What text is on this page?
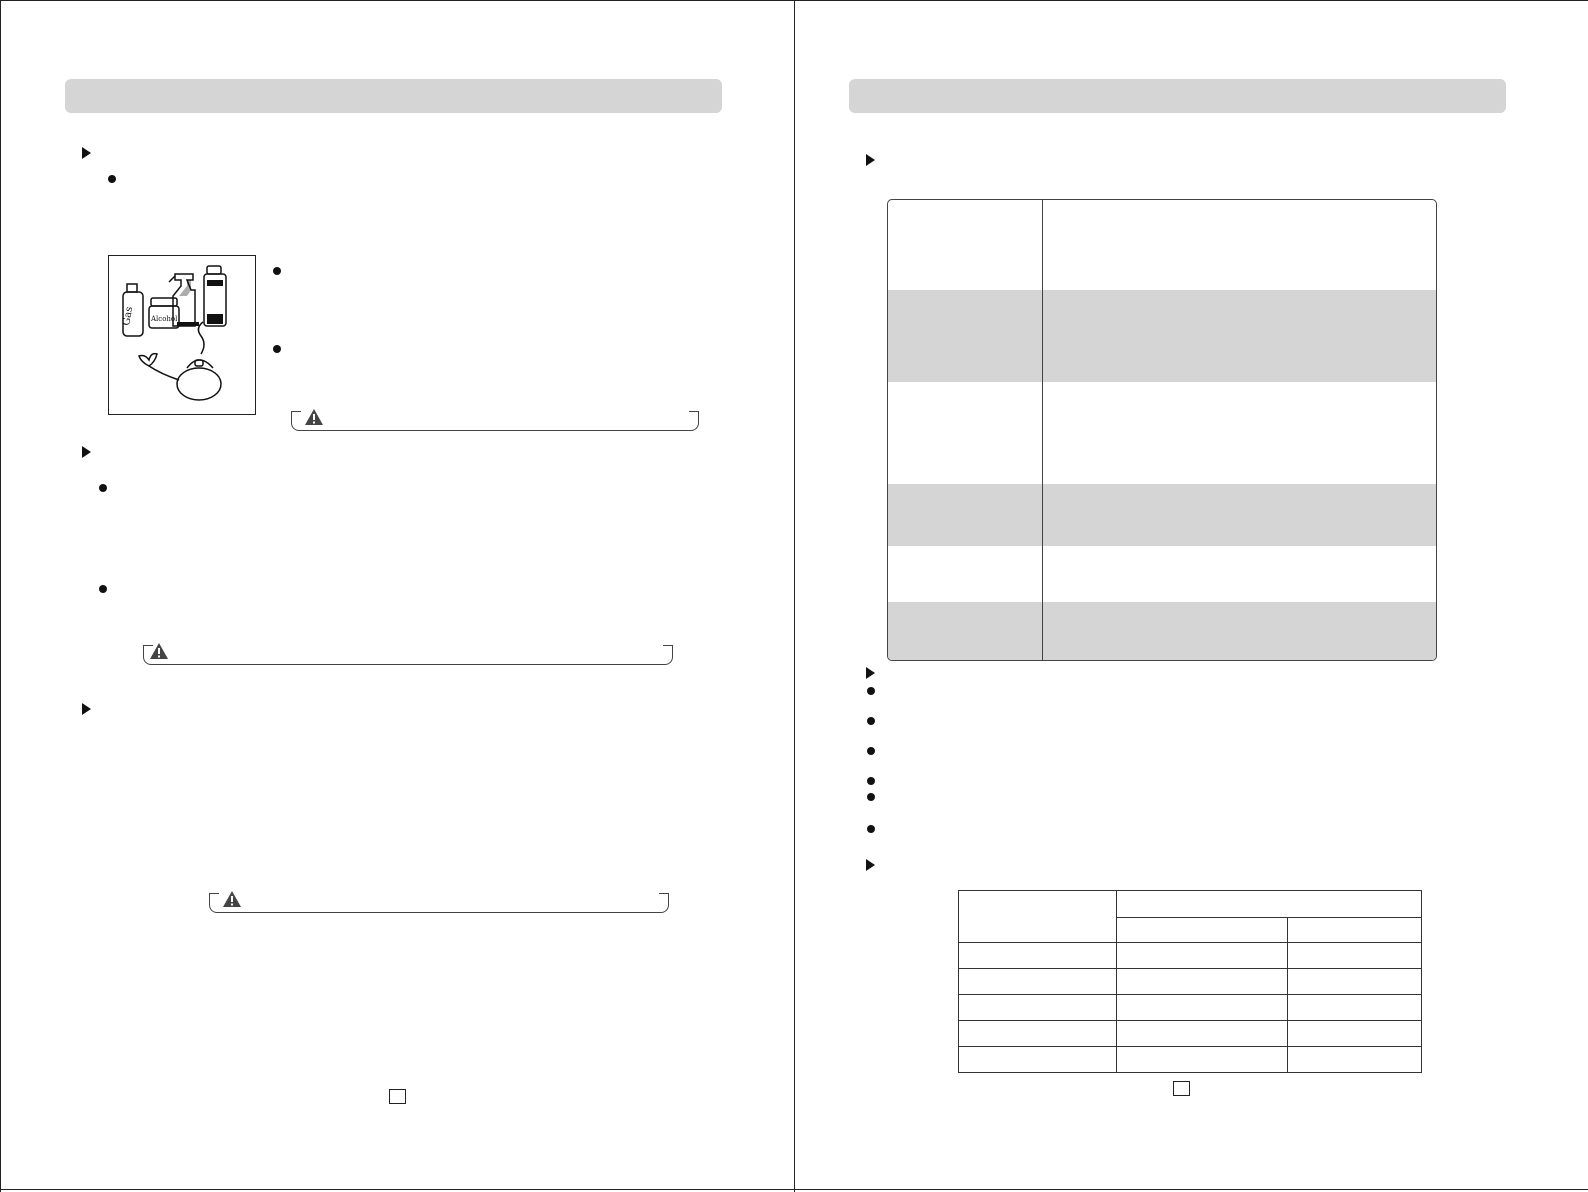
Gas Alcohol
